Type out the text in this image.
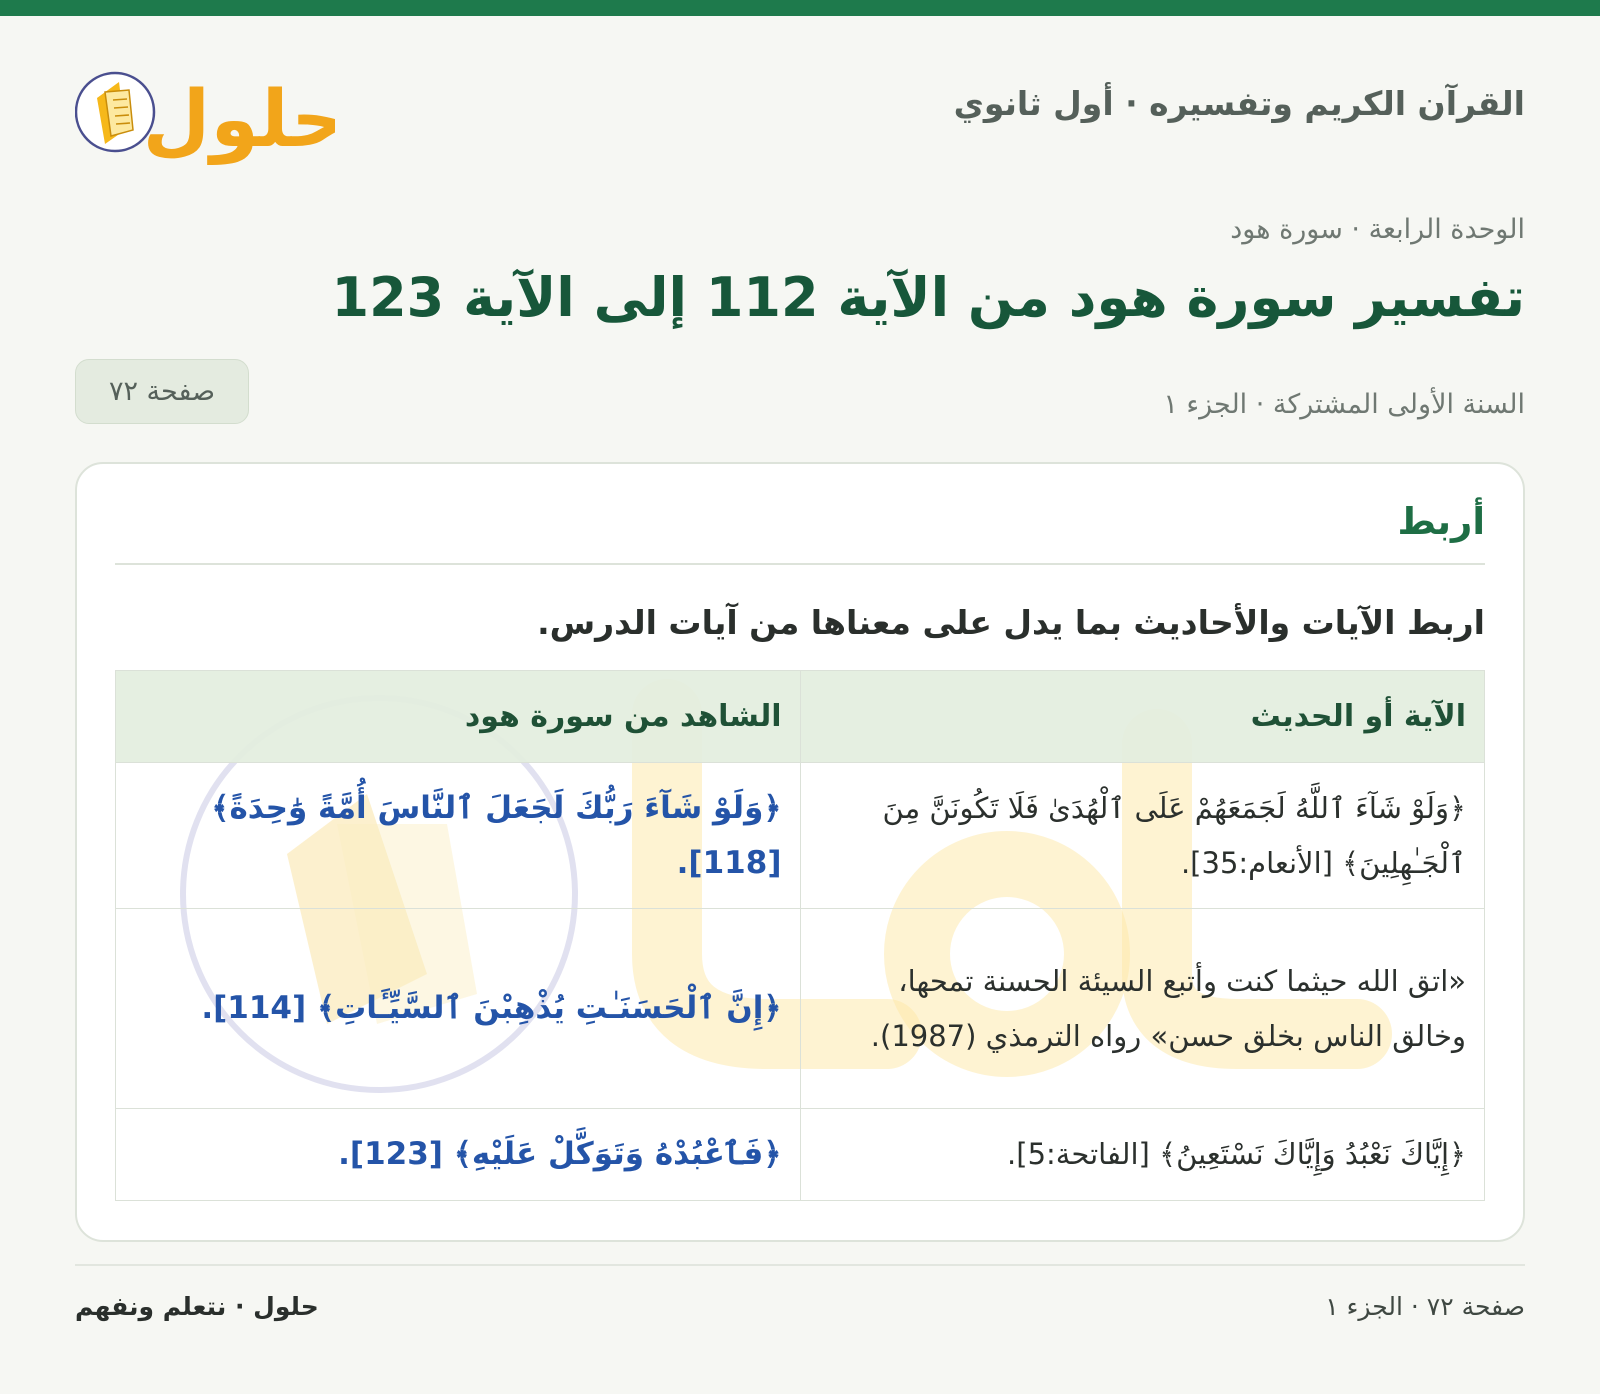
القرآن الكريم وتفسيره · أول ثانوي
حلول
الوحدة الرابعة · سورة هود
تفسير سورة هود من الآية 112 إلى الآية 123
السنة الأولى المشتركة · الجزء ١
صفحة ٧٢
أربط
اربط الآيات والأحاديث بما يدل على معناها من آيات الدرس.
الآية أو الحديث	الشاهد من سورة هود
﴿وَلَوْ شَآءَ ٱللَّهُ لَجَمَعَهُمْ عَلَى ٱلْهُدَىٰ فَلَا تَكُونَنَّ مِنَ ٱلْجَـٰهِلِينَ﴾ [الأنعام:35].	﴿وَلَوْ شَآءَ رَبُّكَ لَجَعَلَ ٱلنَّاسَ أُمَّةً وَٰحِدَةً﴾ [118].
«اتق الله حيثما كنت وأتبع السيئة الحسنة تمحها، وخالق الناس بخلق حسن» رواه الترمذي (1987).	﴿إِنَّ ٱلْحَسَنَـٰتِ يُذْهِبْنَ ٱلسَّيِّـَٔاتِ﴾ [114].
﴿إِيَّاكَ نَعْبُدُ وَإِيَّاكَ نَسْتَعِينُ﴾ [الفاتحة:5].	﴿فَٱعْبُدْهُ وَتَوَكَّلْ عَلَيْهِ﴾ [123].
صفحة ٧٢ · الجزء ١
حلول · نتعلم ونفهم
